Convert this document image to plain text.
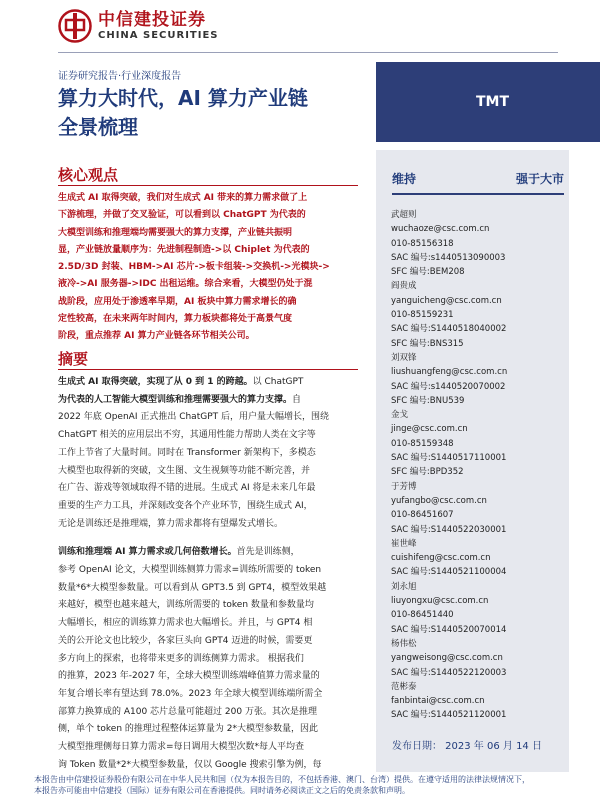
中信建投证券
CHINA SECURITIES
证券研究报告·行业深度报告
算力大时代，AI 算力产业链
全景梳理
TMT
核心观点
生成式 AI 取得突破，我们对生成式 AI 带来的算力需求做了上
下游梳理，并做了交叉验证，可以看到以 ChatGPT 为代表的
大模型训练和推理端均需要强大的算力支撑，产业链共振明
显，产业链放量顺序为：先进制程制造->以 Chiplet 为代表的
2.5D/3D 封装、HBM->AI 芯片->板卡组装->交换机->光模块->
液冷->AI 服务器->IDC 出租运维。综合来看，大模型仍处于混
战阶段，应用处于渗透率早期，AI 板块中算力需求增长的确
定性较高，在未来两年时间内，算力板块都将处于高景气度
阶段，重点推荐 AI 算力产业链各环节相关公司。
摘要
生成式 AI 取得突破，实现了从 0 到 1 的跨越。以 ChatGPT
为代表的人工智能大模型训练和推理需要强大的算力支撑。自
2022 年底 OpenAI 正式推出 ChatGPT 后，用户量大幅增长，围绕
ChatGPT 相关的应用层出不穷，其通用性能力帮助人类在文字等
工作上节省了大量时间。同时在 Transformer 新架构下，多模态
大模型也取得新的突破，文生图、文生视频等功能不断完善，并
在广告、游戏等领域取得不错的进展。生成式 AI 将是未来几年最
重要的生产力工具，并深刻改变各个产业环节，围绕生成式 AI，
无论是训练还是推理端，算力需求都将有望爆发式增长。
训练和推理端 AI 算力需求或几何倍数增长。首先是训练侧，
参考 OpenAI 论文，大模型训练侧算力需求=训练所需要的 token
数量*6*大模型参数量。可以看到从 GPT3.5 到 GPT4，模型效果越
来越好，模型也越来越大，训练所需要的 token 数量和参数量均
大幅增长，相应的训练算力需求也大幅增长。并且，与 GPT4 相
关的公开论文也比较少，各家巨头向 GPT4 迈进的时候，需要更
多方向上的探索，也将带来更多的训练侧算力需求。 根据我们
的推算，2023 年-2027 年，全球大模型训练端峰值算力需求量的
年复合增长率有望达到 78.0%。2023 年全球大模型训练端所需全
部算力换算成的 A100 芯片总量可能超过 200 万张。其次是推理
侧，单个 token 的推理过程整体运算量为 2*大模型参数量，因此
大模型推理侧每日算力需求=每日调用大模型次数*每人平均查
询 Token 数量*2*大模型参数量，仅以 Google 搜索引擎为例，每
维持	强于大市
武超则
wuchaoze@csc.com.cn
010-85156318
SAC 编号:s1440513090003
SFC 编号:BEM208
阎贵成
yanguicheng@csc.com.cn
010-85159231
SAC 编号:S1440518040002
SFC 编号:BNS315
刘双锋
liushuangfeng@csc.com.cn
SAC 编号:s1440520070002
SFC 编号:BNU539
金戈
jinge@csc.com.cn
010-85159348
SAC 编号:S1440517110001
SFC 编号:BPD352
于芳博
yufangbo@csc.com.cn
010-86451607
SAC 编号:S1440522030001
崔世峰
cuishifeng@csc.com.cn
SAC 编号:S1440521100004
刘永旭
liuyongxu@csc.com.cn
010-86451440
SAC 编号:S1440520070014
杨伟松
yangweisong@csc.com.cn
SAC 编号:S1440522120003
范彬泰
fanbintai@csc.com.cn
SAC 编号:S1440521120001
发布日期： 2023 年 06 月 14 日
本报告由中信建投证券股份有限公司在中华人民共和国（仅为本报告目的，不包括香港、澳门、台湾）提供。在遵守适用的法律法规情况下，
本报告亦可能由中信建投（国际）证券有限公司在香港提供。同时请务必阅读正文之后的免责条款和声明。
